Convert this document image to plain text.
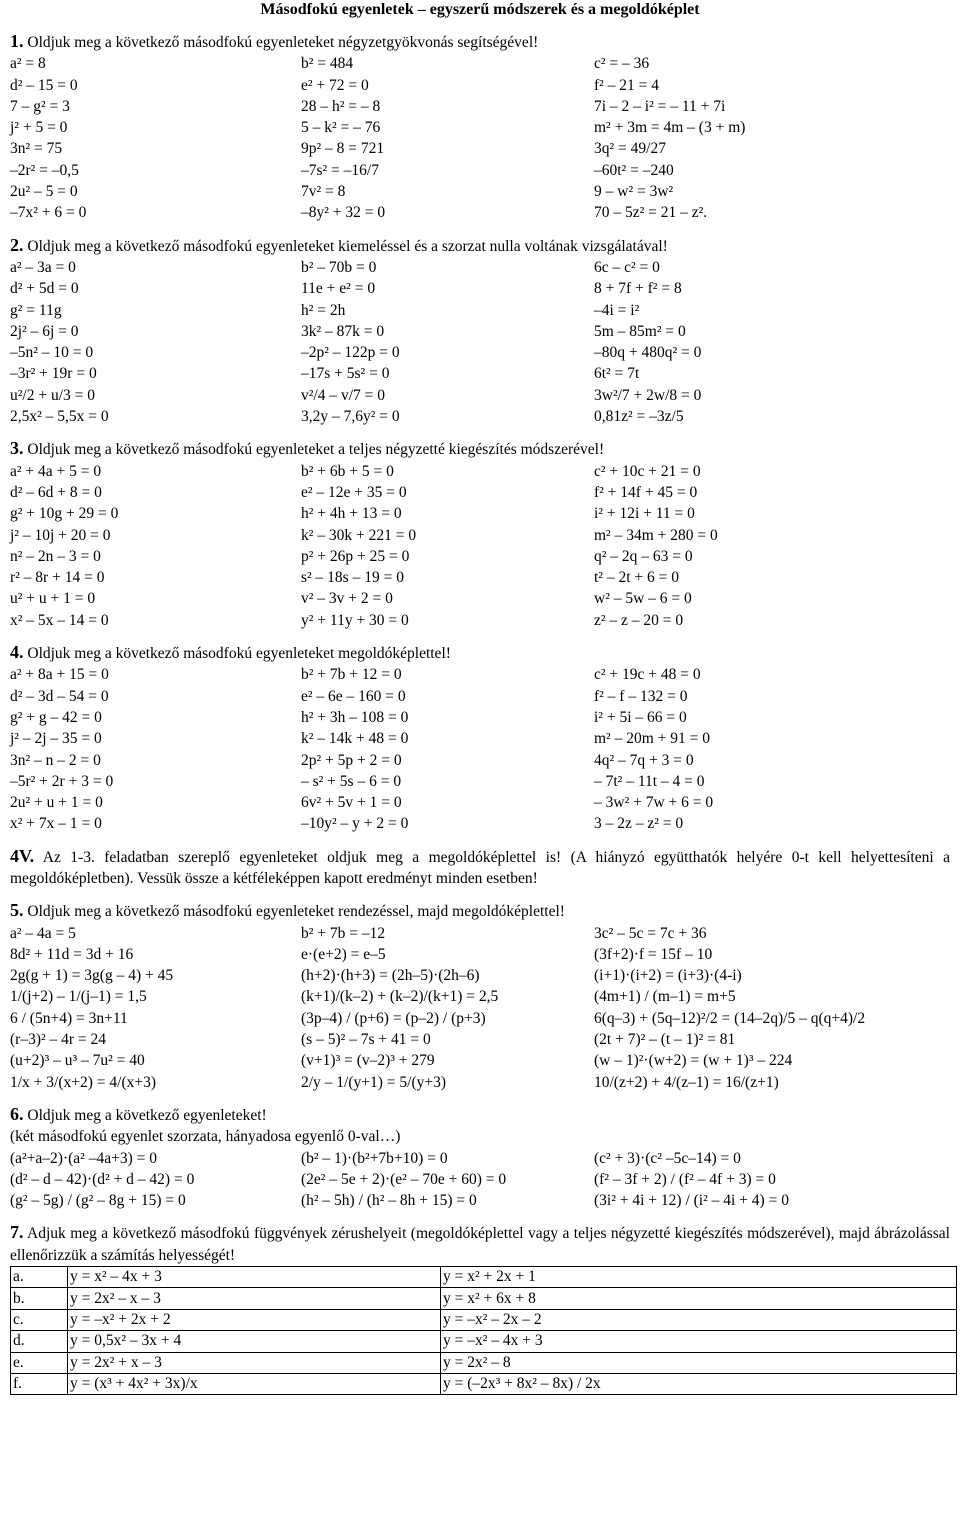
Másodfokú egyenletek – egyszerű módszerek és a megoldóképlet
1. Oldjuk meg a következő másodfokú egyenleteket négyzetgyökvonás segítségével!
a² = 8	b² = 484	c² = – 36
d² – 15 = 0	e² + 72 = 0	f² – 21 = 4
7 – g² = 3	28 – h² = – 8	7i – 2 – i² = – 11 + 7i
j² + 5 = 0	5 – k² = – 76	m² + 3m = 4m – (3 + m)
3n² = 75	9p² – 8 = 721	3q² = 49/27
–2r² = –0,5	–7s² = –16/7	–60t² = –240
2u² – 5 = 0	7v² = 8	9 – w² = 3w²
–7x² + 6 = 0	–8y² + 32 = 0	70 – 5z² = 21 – z².
2. Oldjuk meg a következő másodfokú egyenleteket kiemeléssel és a szorzat nulla voltának vizsgálatával!
a² – 3a = 0	b² – 70b = 0	6c – c² = 0
d² + 5d = 0	11e + e² = 0	8 + 7f + f² = 8
g² = 11g	h² = 2h	–4i = i²
2j² – 6j = 0	3k² – 87k = 0	5m – 85m² = 0
–5n² – 10 = 0	–2p² – 122p = 0	–80q + 480q² = 0
–3r² + 19r = 0	–17s + 5s² = 0	6t² = 7t
u²/2 + u/3 = 0	v²/4 – v/7 = 0	3w²/7 + 2w/8 = 0
2,5x² – 5,5x = 0	3,2y – 7,6y² = 0	0,81z² = –3z/5
3. Oldjuk meg a következő másodfokú egyenleteket a teljes négyzetté kiegészítés módszerével!
a² + 4a + 5 = 0	b² + 6b + 5 = 0	c² + 10c + 21 = 0
d² – 6d + 8 = 0	e² – 12e + 35 = 0	f² + 14f + 45 = 0
g² + 10g + 29 = 0	h² + 4h + 13 = 0	i² + 12i + 11 = 0
j² – 10j + 20 = 0	k² – 30k + 221 = 0	m² – 34m + 280 = 0
n² – 2n – 3 = 0	p² + 26p + 25 = 0	q² – 2q – 63 = 0
r² – 8r + 14 = 0	s² – 18s – 19 = 0	t² – 2t + 6 = 0
u² + u + 1 = 0	v² – 3v + 2 = 0	w² – 5w – 6 = 0
x² – 5x – 14 = 0	y² + 11y + 30 = 0	z² – z – 20 = 0
4. Oldjuk meg a következő másodfokú egyenleteket megoldóképlettel!
a² + 8a + 15 = 0	b² + 7b + 12 = 0	c² + 19c + 48 = 0
d² – 3d – 54 = 0	e² – 6e – 160 = 0	f² – f – 132 = 0
g² + g – 42 = 0	h² + 3h – 108 = 0	i² + 5i – 66 = 0
j² – 2j – 35 = 0	k² – 14k + 48 = 0	m² – 20m + 91 = 0
3n² – n – 2 = 0	2p² + 5p + 2 = 0	4q² – 7q + 3 = 0
–5r² + 2r + 3 = 0	– s² + 5s – 6 = 0	– 7t² – 11t – 4 = 0
2u² + u + 1 = 0	6v² + 5v + 1 = 0	– 3w² + 7w + 6 = 0
x² + 7x – 1 = 0	–10y² – y + 2 = 0	3 – 2z – z² = 0
4V. Az 1-3. feladatban szereplő egyenleteket oldjuk meg a megoldóképlettel is! (A hiányzó együtthatók helyére 0-t kell helyettesíteni a megoldóképletben). Vessük össze a kétféleképpen kapott eredményt minden esetben!
5. Oldjuk meg a következő másodfokú egyenleteket rendezéssel, majd megoldóképlettel!
a² – 4a = 5	b² + 7b = –12	3c² – 5c = 7c + 36
8d² + 11d = 3d + 16	e·(e+2) = e–5	(3f+2)·f = 15f – 10
2g(g + 1) = 3g(g – 4) + 45	(h+2)·(h+3) = (2h–5)·(2h–6)	(i+1)·(i+2) = (i+3)·(4-i)
1/(j+2) – 1/(j–1) = 1,5	(k+1)/(k–2) + (k–2)/(k+1) = 2,5	(4m+1) / (m–1) = m+5
6 / (5n+4) = 3n+11	(3p–4) / (p+6) = (p–2) / (p+3)	6(q–3) + (5q–12)²/2 = (14–2q)/5 – q(q+4)/2
(r–3)² – 4r = 24	(s – 5)² – 7s + 41 = 0	(2t + 7)² – (t – 1)² = 81
(u+2)³ – u³ – 7u² = 40	(v+1)³ = (v–2)³ + 279	(w – 1)²·(w+2) = (w + 1)³ – 224
1/x + 3/(x+2) = 4/(x+3)	2/y – 1/(y+1) = 5/(y+3)	10/(z+2) + 4/(z–1) = 16/(z+1)
6. Oldjuk meg a következő egyenleteket!
(két másodfokú egyenlet szorzata, hányadosa egyenlő 0-val…)
(a²+a–2)·(a² –4a+3) = 0	(b² – 1)·(b²+7b+10) = 0	(c² + 3)·(c² –5c–14) = 0
(d² – d – 42)·(d² + d – 42) = 0	(2e² – 5e + 2)·(e² – 70e + 60) = 0	(f² – 3f + 2) / (f² – 4f + 3) = 0
(g² – 5g) / (g² – 8g + 15) = 0	(h² – 5h) / (h² – 8h + 15) = 0	(3i² + 4i + 12) / (i² – 4i + 4) = 0
7. Adjuk meg a következő másodfokú függvények zérushelyeit (megoldóképlettel vagy a teljes négyzetté kiegészítés módszerével), majd ábrázolással ellenőrizzük a számítás helyességét!
a.	y = x² – 4x + 3	y = x² + 2x + 1
b.	y = 2x² – x – 3	y = x² + 6x + 8
c.	y = –x² + 2x + 2	y = –x² – 2x – 2
d.	y = 0,5x² – 3x + 4	y = –x² – 4x + 3
e.	y = 2x² + x – 3	y = 2x² – 8
f.	y = (x³ + 4x² + 3x)/x	y = (–2x³ + 8x² – 8x) / 2x
